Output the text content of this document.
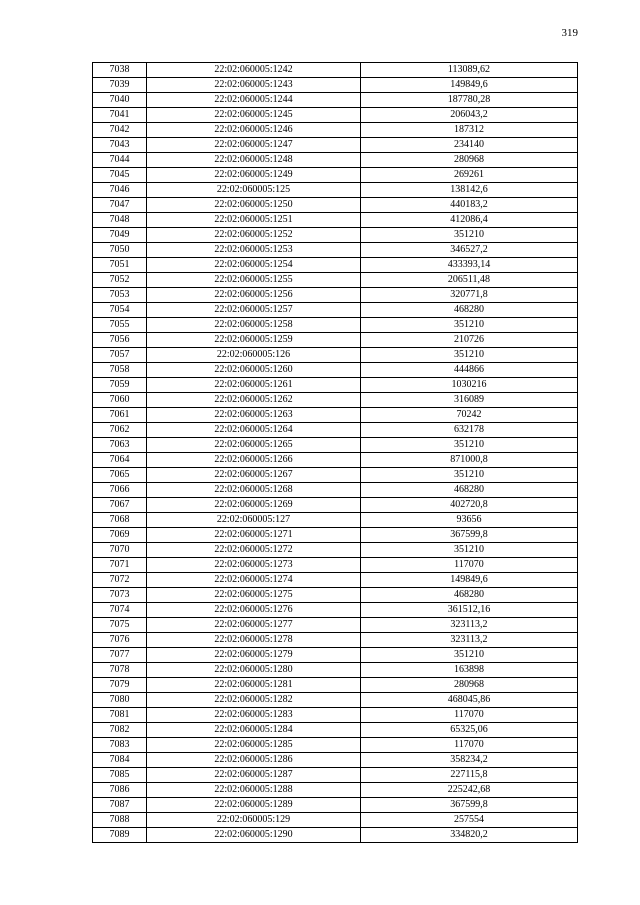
319
7038	22:02:060005:1242	113089,62
7039	22:02:060005:1243	149849,6
7040	22:02:060005:1244	187780,28
7041	22:02:060005:1245	206043,2
7042	22:02:060005:1246	187312
7043	22:02:060005:1247	234140
7044	22:02:060005:1248	280968
7045	22:02:060005:1249	269261
7046	22:02:060005:125	138142,6
7047	22:02:060005:1250	440183,2
7048	22:02:060005:1251	412086,4
7049	22:02:060005:1252	351210
7050	22:02:060005:1253	346527,2
7051	22:02:060005:1254	433393,14
7052	22:02:060005:1255	206511,48
7053	22:02:060005:1256	320771,8
7054	22:02:060005:1257	468280
7055	22:02:060005:1258	351210
7056	22:02:060005:1259	210726
7057	22:02:060005:126	351210
7058	22:02:060005:1260	444866
7059	22:02:060005:1261	1030216
7060	22:02:060005:1262	316089
7061	22:02:060005:1263	70242
7062	22:02:060005:1264	632178
7063	22:02:060005:1265	351210
7064	22:02:060005:1266	871000,8
7065	22:02:060005:1267	351210
7066	22:02:060005:1268	468280
7067	22:02:060005:1269	402720,8
7068	22:02:060005:127	93656
7069	22:02:060005:1271	367599,8
7070	22:02:060005:1272	351210
7071	22:02:060005:1273	117070
7072	22:02:060005:1274	149849,6
7073	22:02:060005:1275	468280
7074	22:02:060005:1276	361512,16
7075	22:02:060005:1277	323113,2
7076	22:02:060005:1278	323113,2
7077	22:02:060005:1279	351210
7078	22:02:060005:1280	163898
7079	22:02:060005:1281	280968
7080	22:02:060005:1282	468045,86
7081	22:02:060005:1283	117070
7082	22:02:060005:1284	65325,06
7083	22:02:060005:1285	117070
7084	22:02:060005:1286	358234,2
7085	22:02:060005:1287	227115,8
7086	22:02:060005:1288	225242,68
7087	22:02:060005:1289	367599,8
7088	22:02:060005:129	257554
7089	22:02:060005:1290	334820,2
